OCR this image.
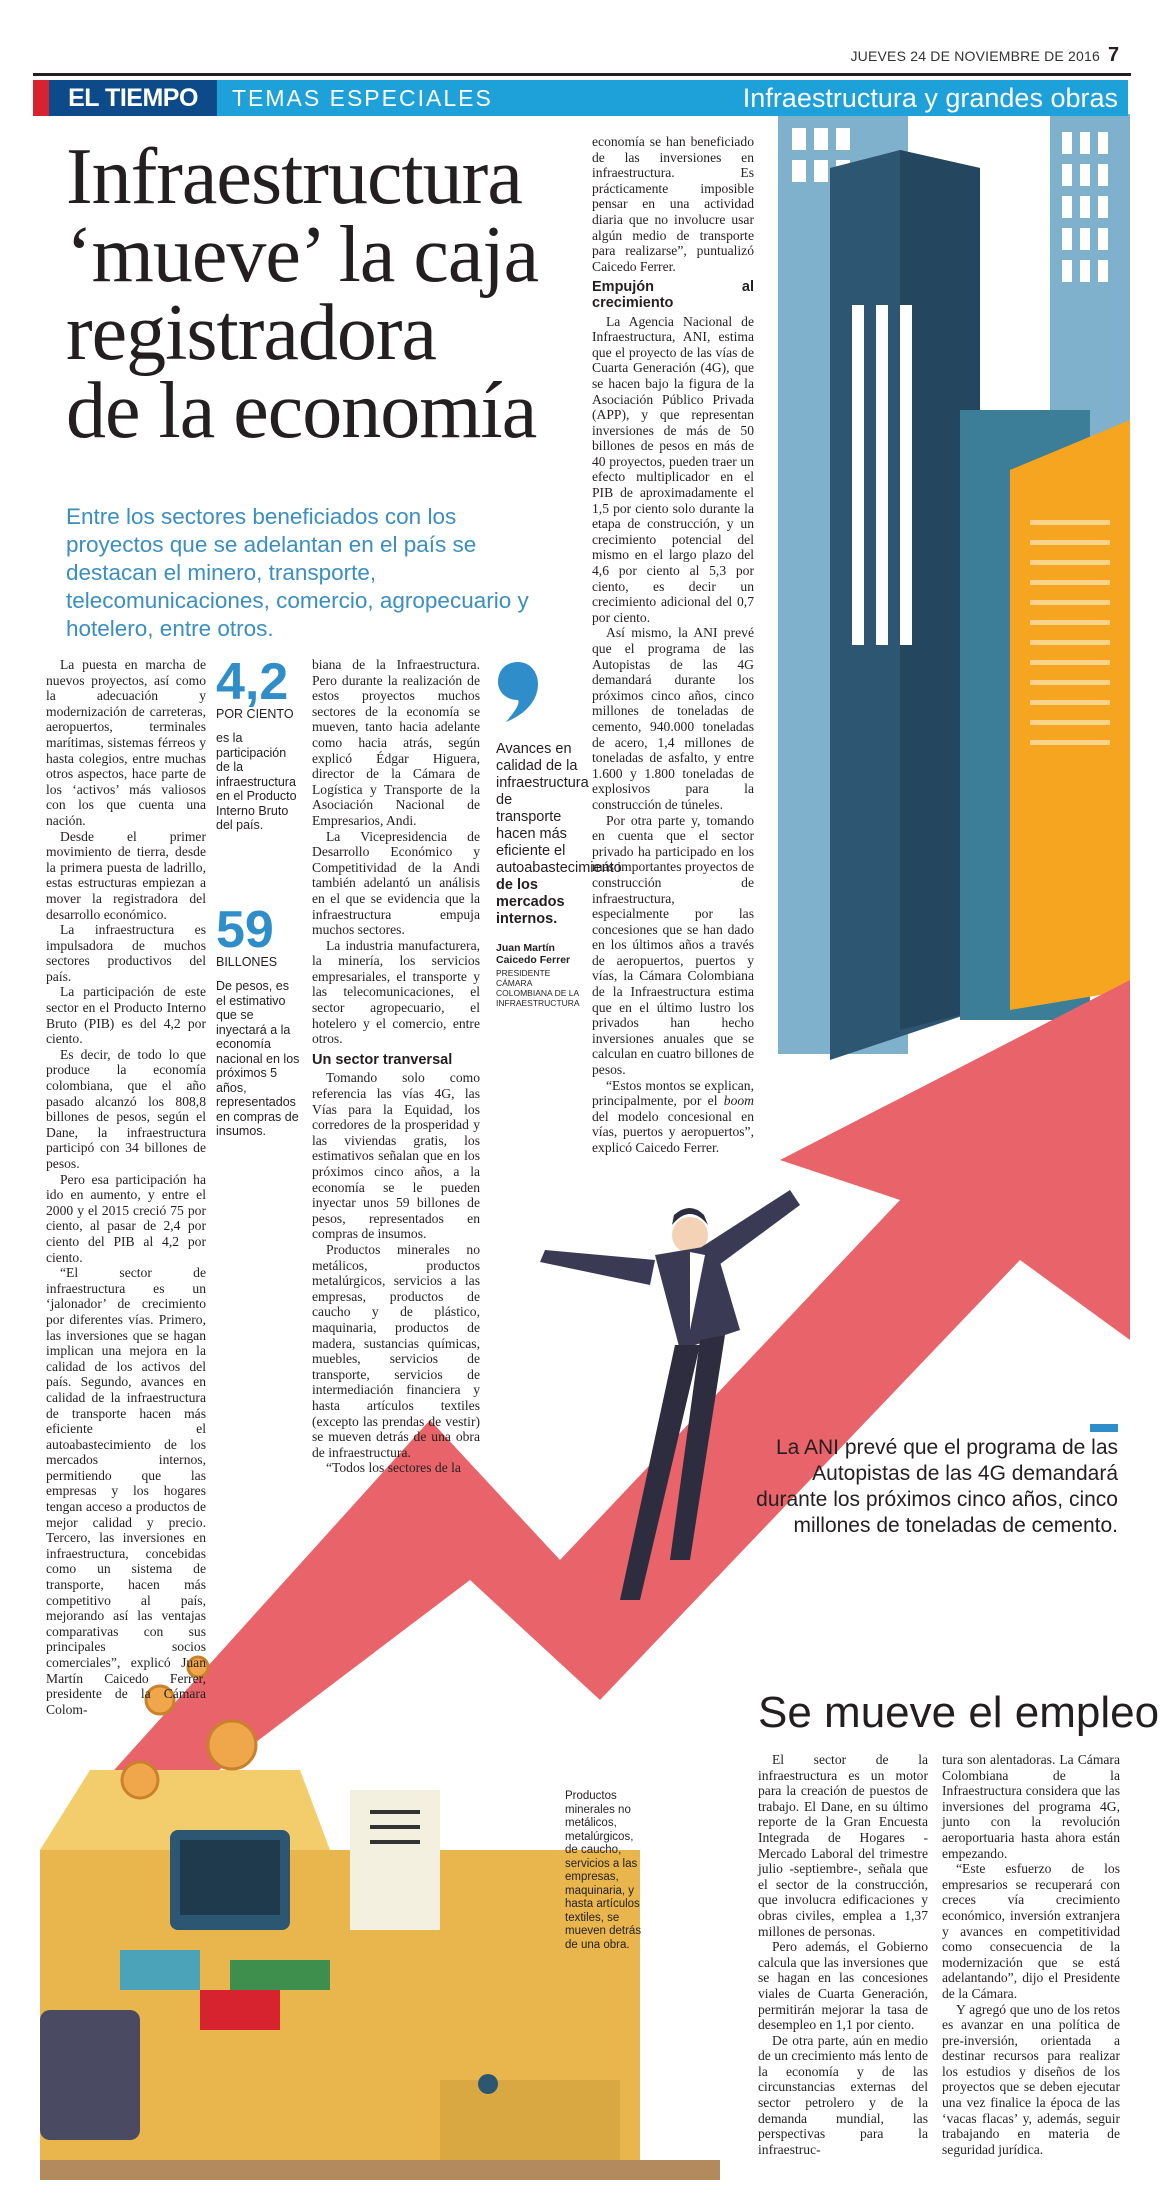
JUEVES 24 DE NOVIEMBRE DE 2016 7
EL TIEMPO	TEMAS ESPECIALES	Infraestructura y grandes obras
Infraestructura
‘mueve’ la caja
registradora
de la economía
Entre los sectores beneficiados con los proyectos que se adelantan en el país se destacan el minero, transporte, telecomunicaciones, comercio, agropecuario y hotelero, entre otros.

La puesta en marcha de nuevos proyectos, así como la adecuación y modernización de carreteras, aeropuertos, terminales marítimas, sistemas férreos y hasta colegios, entre muchas otros aspectos, hace parte de los ‘activos’ más valiosos con los que cuenta una nación.

Desde el primer movimiento de tierra, desde la primera puesta de ladrillo, estas estructuras empiezan a mover la registradora del desarrollo económico.

La infraestructura es impulsadora de muchos sectores productivos del país.

La participación de este sector en el Producto Interno Bruto (PIB) es del 4,2 por ciento.

Es decir, de todo lo que produce la economía colombiana, que el año pasado alcanzó los 808,8 billones de pesos, según el Dane, la infraestructura participó con 34 billones de pesos.

Pero esa participación ha ido en aumento, y entre el 2000 y el 2015 creció 75 por ciento, al pasar de 2,4 por ciento del PIB al 4,2 por ciento.

“El sector de infraestructura es un ‘jalonador’ de crecimiento por diferentes vías. Primero, las inversiones que se hagan implican una mejora en la calidad de los activos del país. Segundo, avances en calidad de la infraestructura de transporte hacen más eficiente el autoabastecimiento de los mercados internos, permitiendo que las empresas y los hogares tengan acceso a productos de mejor calidad y precio. Tercero, las inversiones en infraestructura, concebidas como un sistema de transporte, hacen más competitivo al país, mejorando así las ventajas comparativas con sus principales socios comerciales”, explicó Juan Martín Caicedo Ferrer, presidente de la Cámara Colom-

4,2
POR CIENTO
es la participación de la infraestructura en el Producto Interno Bruto del país.
59
BILLONES
De pesos, es el estimativo que se inyectará a la economía nacional en los próximos 5 años, representados en compras de insumos.

biana de la Infraestructura. Pero durante la realización de estos proyectos muchos sectores de la economía se mueven, tanto hacia adelante como hacia atrás, según explicó Édgar Higuera, director de la Cámara de Logística y Transporte de la Asociación Nacional de Empresarios, Andi.

La Vicepresidencia de Desarrollo Económico y Competitividad de la Andi también adelantó un análisis en el que se evidencia que la infraestructura empuja muchos sectores.

La industria manufacturera, la minería, los servicios empresariales, el transporte y las telecomunicaciones, el sector agropecuario, el hotelero y el comercio, entre otros.

Un sector tranversal

Tomando solo como referencia las vías 4G, las Vías para la Equidad, los corredores de la prosperidad y las viviendas gratis, los estimativos señalan que en los próximos cinco años, a la economía se le pueden inyectar unos 59 billones de pesos, representados en compras de insumos.

Productos minerales no metálicos, productos metalúrgicos, servicios a las empresas, productos de caucho y de plástico, maquinaria, productos de madera, sustancias químicas, muebles, servicios de transporte, servicios de intermediación financiera y hasta artículos textiles (excepto las prendas de vestir) se mueven detrás de una obra de infraestructura.

“Todos los sectores de la

Avances en calidad de la infraestructura de transporte hacen más eficiente el autoabastecimiento
de los mercados internos.
Juan Martín Caicedo Ferrer
PRESIDENTE CÁMARA COLOMBIANA DE LA INFRAESTRUCTURA

economía se han beneficiado de las inversiones en infraestructura. Es prácticamente imposible pensar en una actividad diaria que no involucre usar algún medio de transporte para realizarse”, puntualizó Caicedo Ferrer.

Empujón al crecimiento

La Agencia Nacional de Infraestructura, ANI, estima que el proyecto de las vías de Cuarta Generación (4G), que se hacen bajo la figura de la Asociación Público Privada (APP), y que representan inversiones de más de 50 billones de pesos en más de 40 proyectos, pueden traer un efecto multiplicador en el PIB de aproximadamente el 1,5 por ciento solo durante la etapa de construcción, y un crecimiento potencial del mismo en el largo plazo del 4,6 por ciento al 5,3 por ciento, es decir un crecimiento adicional del 0,7 por ciento.

Así mismo, la ANI prevé que el programa de las Autopistas de las 4G demandará durante los próximos cinco años, cinco millones de toneladas de cemento, 940.000 toneladas de acero, 1,4 millones de toneladas de asfalto, y entre 1.600 y 1.800 toneladas de explosivos para la construcción de túneles.

Por otra parte y, tomando en cuenta que el sector privado ha participado en los más importantes proyectos de construcción de infraestructura, especialmente por las concesiones que se han dado en los últimos años a través de aeropuertos, puertos y vías, la Cámara Colombiana de la Infraestructura estima que en el último lustro los privados han hecho inversiones anuales que se calculan en cuatro billones de pesos.

“Estos montos se explican, principalmente, por el boom del modelo concesional en vías, puertos y aeropuertos”, explicó Caicedo Ferrer.

La ANI prevé que el programa de las Autopistas de las 4G demandará durante los próximos cinco años, cinco millones de toneladas de cemento.
Se mueve el empleo

El sector de la infraestructura es un motor para la creación de puestos de trabajo. El Dane, en su último reporte de la Gran Encuesta Integrada de Hogares - Mercado Laboral del trimestre julio -septiembre-, señala que el sector de la construcción, que involucra edificaciones y obras civiles, emplea a 1,37 millones de personas.

Pero además, el Gobierno calcula que las inversiones que se hagan en las concesiones viales de Cuarta Generación, permitirán mejorar la tasa de desempleo en 1,1 por ciento.

De otra parte, aún en medio de un crecimiento más lento de la economía y de las circunstancias externas del sector petrolero y de la demanda mundial, las perspectivas para la infraestruc-

tura son alentadoras. La Cámara Colombiana de la Infraestructura considera que las inversiones del programa 4G, junto con la revolución aeroportuaria hasta ahora están empezando.

“Este esfuerzo de los empresarios se recuperará con creces vía crecimiento económico, inversión extranjera y avances en competitividad como consecuencia de la modernización que se está adelantando”, dijo el Presidente de la Cámara.

Y agregó que uno de los retos es avanzar en una política de pre-inversión, orientada a destinar recursos para realizar los estudios y diseños de los proyectos que se deben ejecutar una vez finalice la época de las ‘vacas flacas’ y, además, seguir trabajando en materia de seguridad jurídica.

Productos minerales no metálicos, metalúrgicos, de caucho, servicios a las empresas, maquinaria, y hasta artículos textiles, se mueven detrás de una obra.
